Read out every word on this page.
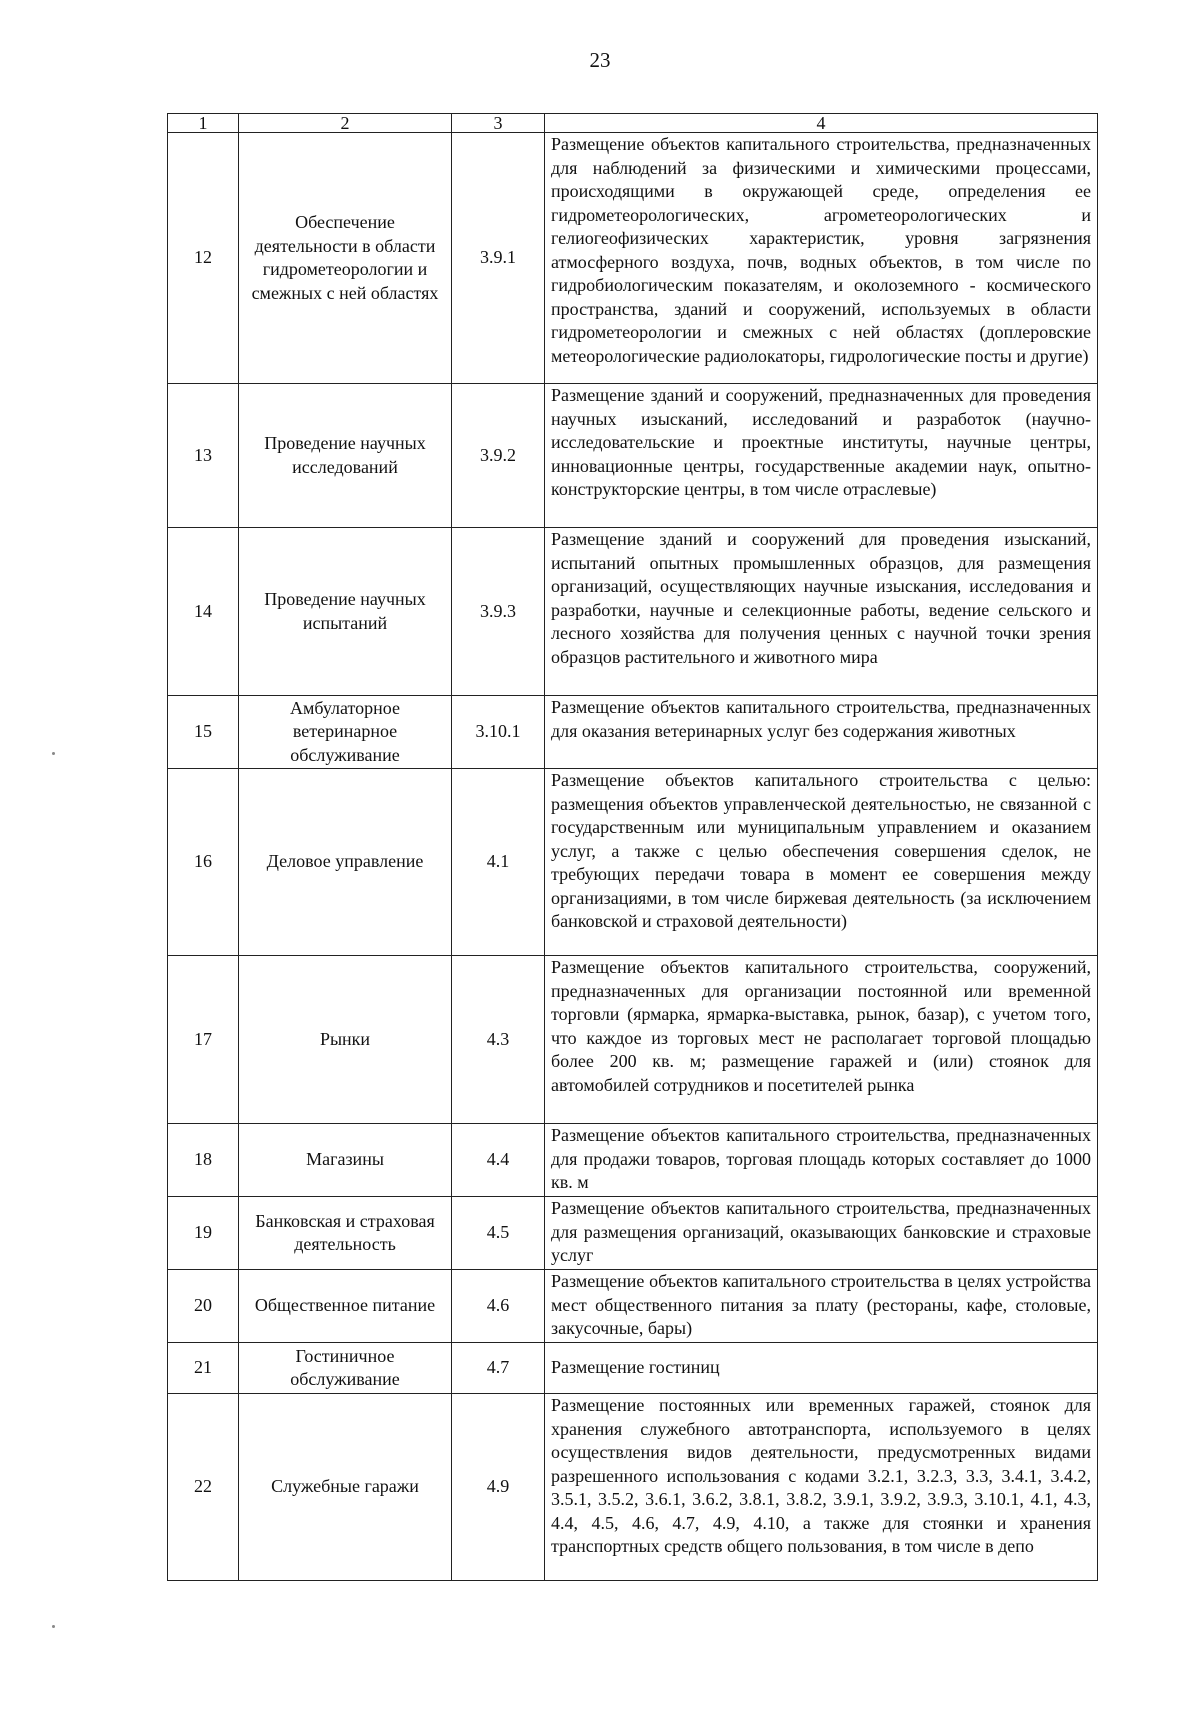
23
1	2	3	4
12	Обеспечение деятельности в области гидрометеорологии и смежных с ней областях	3.9.1	Размещение объектов капитального строительства, предназначенных для наблюдений за физическими и химическими процессами, происходящими в окружающей среде, определения ее гидрометеорологических, агрометеорологических и гелиогеофизических характеристик, уровня загрязнения атмосферного воздуха, почв, водных объектов, в том числе по гидробиологическим показателям, и околоземного - космического пространства, зданий и сооружений, используемых в области гидрометеорологии и смежных с ней областях (доплеровские метеорологические радиолокаторы, гидрологические посты и другие)
13	Проведение научных исследований	3.9.2	Размещение зданий и сооружений, предназначенных для проведения научных изысканий, исследований и разработок (научно-исследовательские и проектные институты, научные центры, инновационные центры, государственные академии наук, опытно-конструкторские центры, в том числе отраслевые)
14	Проведение научных испытаний	3.9.3	Размещение зданий и сооружений для проведения изысканий, испытаний опытных промышленных образцов, для размещения организаций, осуществляющих научные изыскания, исследования и разработки, научные и селекционные работы, ведение сельского и лесного хозяйства для получения ценных с научной точки зрения образцов растительного и животного мира
15	Амбулаторное ветеринарное обслуживание	3.10.1	Размещение объектов капитального строительства, предназначенных для оказания ветеринарных услуг без содержания животных
16	Деловое управление	4.1	Размещение объектов капитального строительства с целью: размещения объектов управленческой деятельностью, не связанной с государственным или муниципальным управлением и оказанием услуг, а также с целью обеспечения совершения сделок, не требующих передачи товара в момент ее совершения между организациями, в том числе биржевая деятельность (за исключением банковской и страховой деятельности)
17	Рынки	4.3	Размещение объектов капитального строительства, сооружений, предназначенных для организации постоянной или временной торговли (ярмарка, ярмарка-выставка, рынок, базар), с учетом того, что каждое из торговых мест не располагает торговой площадью более 200 кв. м; размещение гаражей и (или) стоянок для автомобилей сотрудников и посетителей рынка
18	Магазины	4.4	Размещение объектов капитального строительства, предназначенных для продажи товаров, торговая площадь которых составляет до 1000 кв. м
19	Банковская и страховая деятельность	4.5	Размещение объектов капитального строительства, предназначенных для размещения организаций, оказывающих банковские и страховые услуг
20	Общественное питание	4.6	Размещение объектов капитального строительства в целях устройства мест общественного питания за плату (рестораны, кафе, столовые, закусочные, бары)
21	Гостиничное обслуживание	4.7	Размещение гостиниц
22	Служебные гаражи	4.9	Размещение постоянных или временных гаражей, стоянок для хранения служебного автотранспорта, используемого в целях осуществления видов деятельности, предусмотренных видами разрешенного использования с кодами 3.2.1, 3.2.3, 3.3, 3.4.1, 3.4.2, 3.5.1, 3.5.2, 3.6.1, 3.6.2, 3.8.1, 3.8.2, 3.9.1, 3.9.2, 3.9.3, 3.10.1, 4.1, 4.3, 4.4, 4.5, 4.6, 4.7, 4.9, 4.10, а также для стоянки и хранения транспортных средств общего пользования, в том числе в депо
